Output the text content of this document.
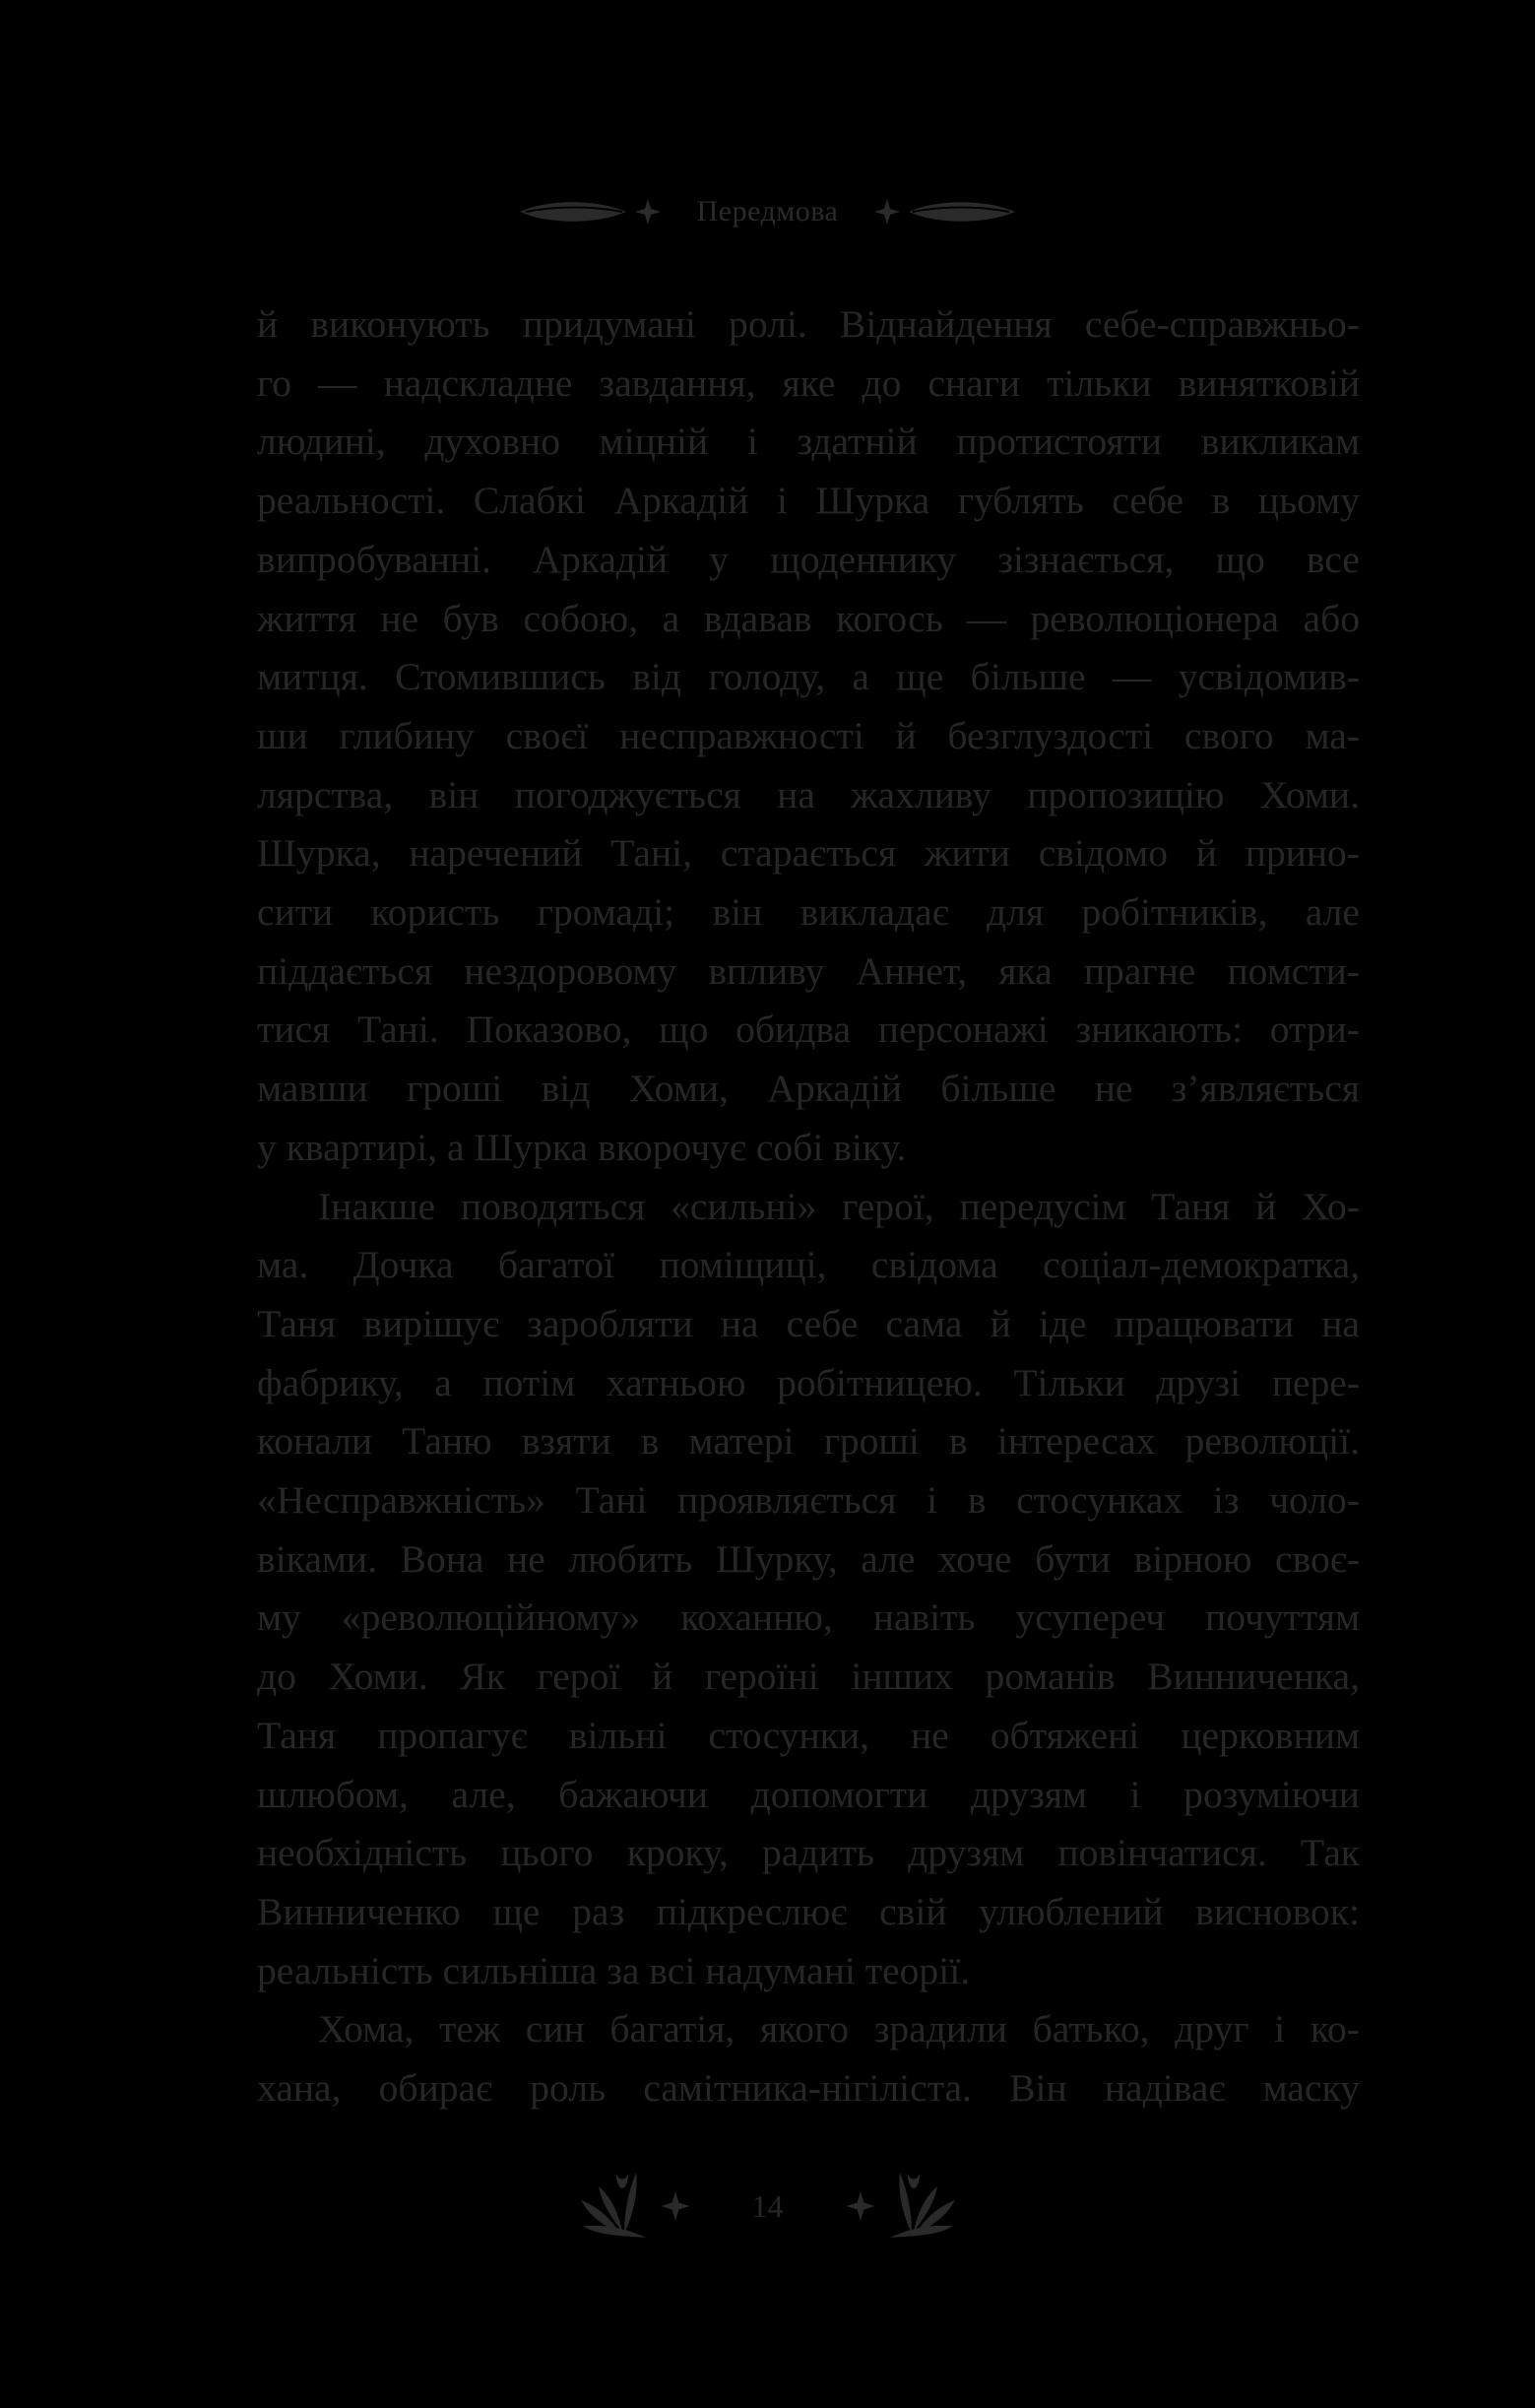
Передмова
й виконують придумані ролі. Віднайдення себе-справжньо-
го — надскладне завдання, яке до снаги тільки винятковій
людині, духовно міцній і здатній протистояти викликам
реальності. Слабкі Аркадій і Шурка гублять себе в цьому
випробуванні. Аркадій у щоденнику зізнається, що все
життя не був собою, а вдавав когось — революціонера або
митця. Стомившись від голоду, а ще більше — усвідомив-
ши глибину своєї несправжності й безглуздості свого ма-
лярства, він погоджується на жахливу пропозицію Хоми.
Шурка, наречений Тані, старається жити свідомо й прино-
сити користь громаді; він викладає для робітників, але
піддається нездоровому впливу Аннет, яка прагне помсти-
тися Тані. Показово, що обидва персонажі зникають: отри-
мавши гроші від Хоми, Аркадій більше не з’являється
у квартирі, а Шурка вкорочує собі віку.
Інакше поводяться «сильні» герої, передусім Таня й Хо-
ма. Дочка багатої поміщиці, свідома соціал-демократка,
Таня вирішує заробляти на себе сама й іде працювати на
фабрику, а потім хатньою робітницею. Тільки друзі пере-
конали Таню взяти в матері гроші в інтересах революції.
«Несправжність» Тані проявляється і в стосунках із чоло-
віками. Вона не любить Шурку, але хоче бути вірною своє-
му «революційному» коханню, навіть усупереч почуттям
до Хоми. Як герої й героїні інших романів Винниченка,
Таня пропагує вільні стосунки, не обтяжені церковним
шлюбом, але, бажаючи допомогти друзям і розуміючи
необхідність цього кроку, радить друзям повінчатися. Так
Винниченко ще раз підкреслює свій улюблений висновок:
реальність сильніша за всі надумані теорії.
Хома, теж син багатія, якого зрадили батько, друг і ко-
хана, обирає роль самітника-нігіліста. Він надіває маску
14
